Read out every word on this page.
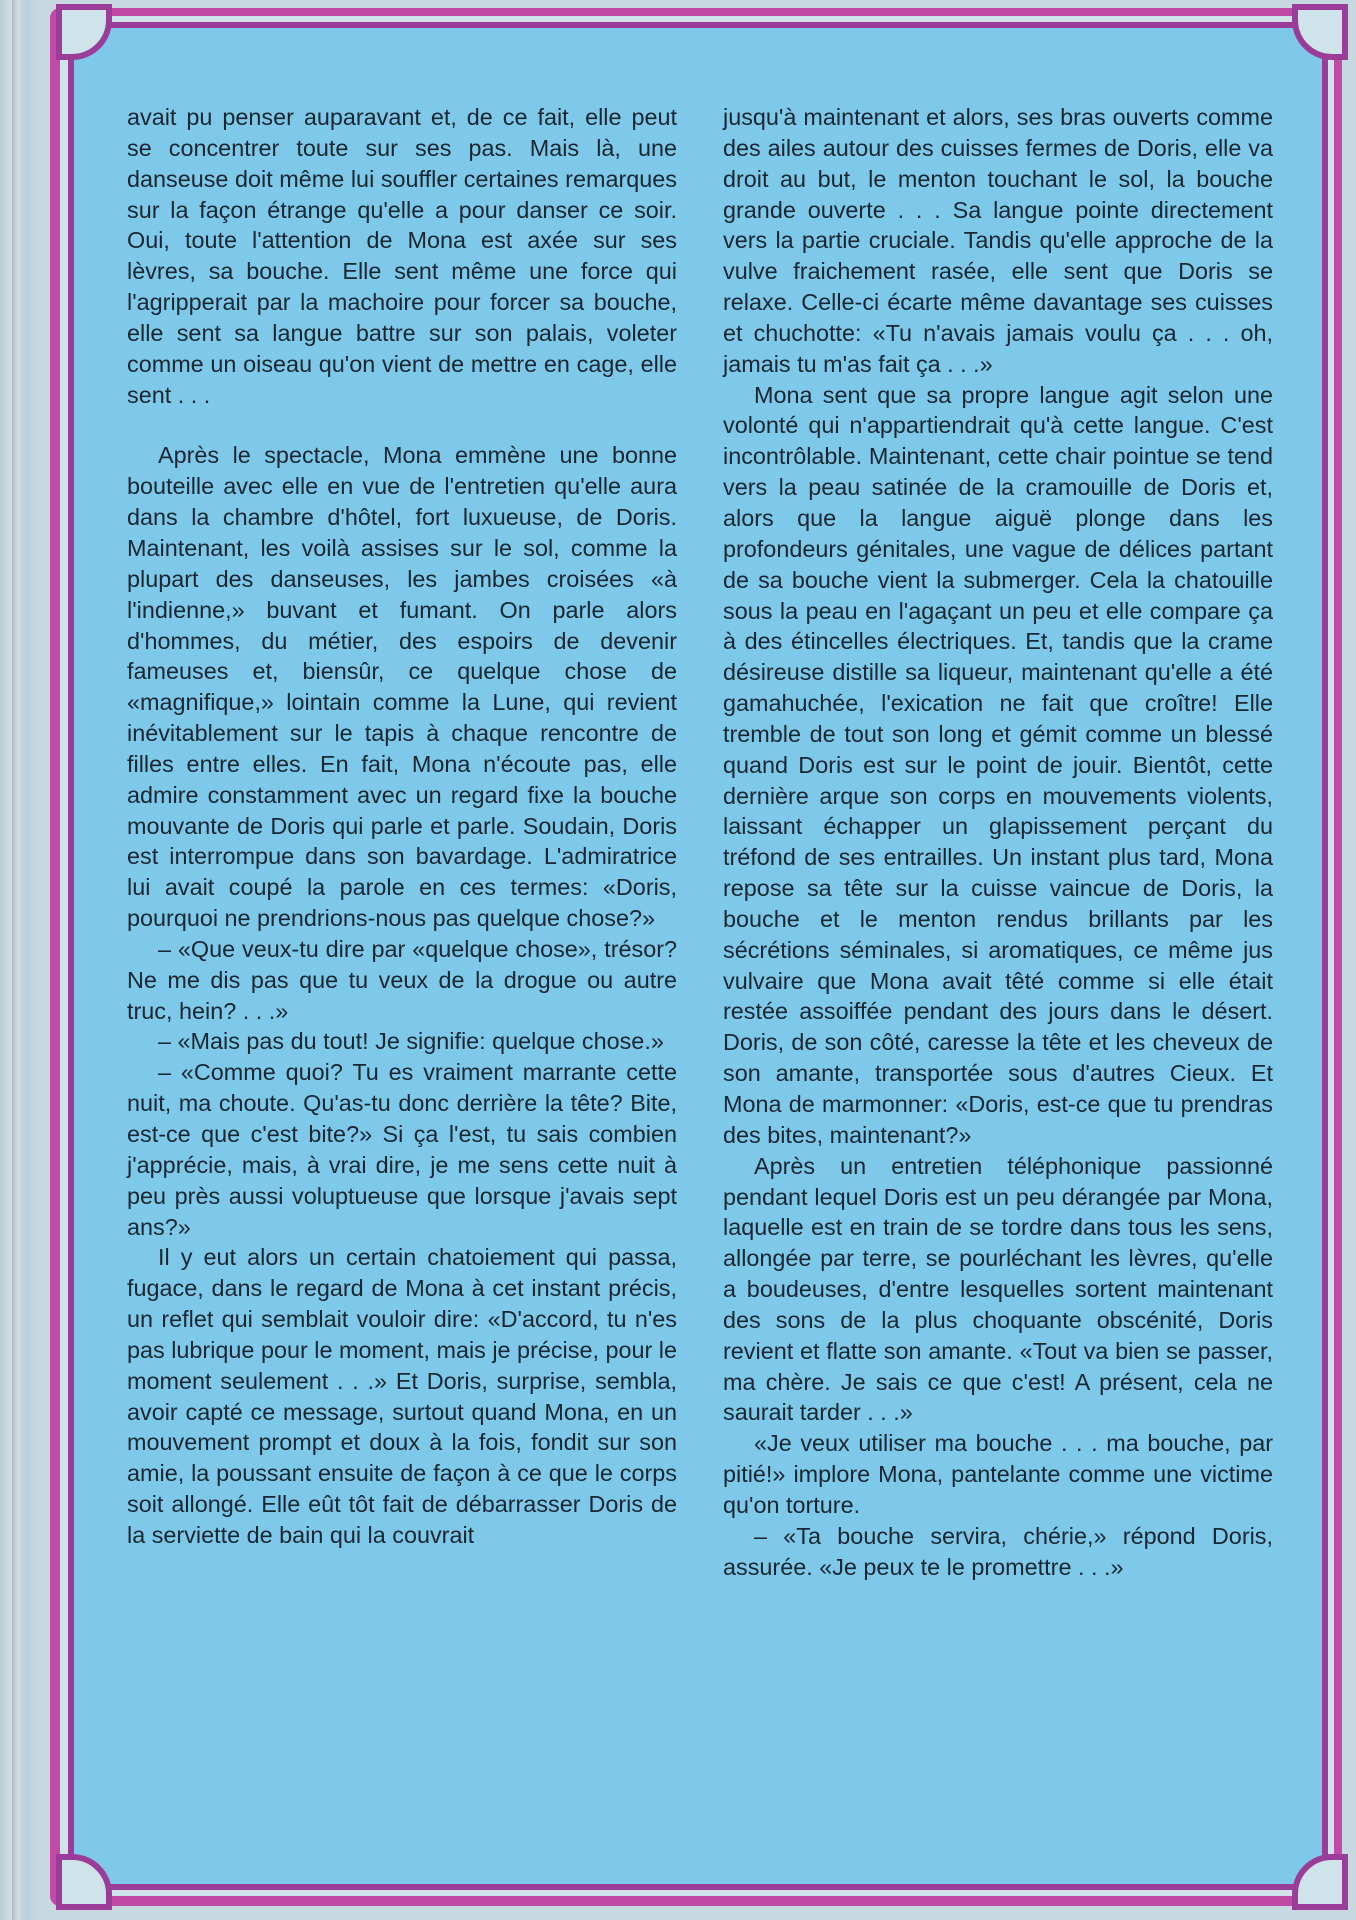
avait pu penser auparavant et, de ce fait, elle peut se concentrer toute sur ses pas. Mais là, une danseuse doit même lui souffler certaines remarques sur la façon étrange qu'elle a pour danser ce soir. Oui, toute l'attention de Mona est axée sur ses lèvres, sa bouche. Elle sent même une force qui l'agripperait par la machoire pour forcer sa bouche, elle sent sa langue battre sur son palais, voleter comme un oiseau qu'on vient de mettre en cage, elle sent . . .

Après le spectacle, Mona emmène une bonne bouteille avec elle en vue de l'entretien qu'elle aura dans la chambre d'hôtel, fort luxueuse, de Doris. Maintenant, les voilà assises sur le sol, comme la plupart des danseuses, les jambes croisées «à l'indienne,» buvant et fumant. On parle alors d'hommes, du métier, des espoirs de devenir fameuses et, biensûr, ce quelque chose de «magnifique,» lointain comme la Lune, qui revient inévitablement sur le tapis à chaque rencontre de filles entre elles. En fait, Mona n'écoute pas, elle admire constamment avec un regard fixe la bouche mouvante de Doris qui parle et parle. Soudain, Doris est interrompue dans son bavardage. L'admiratrice lui avait coupé la parole en ces termes: «Doris, pourquoi ne prendrions-nous pas quelque chose?»

– «Que veux-tu dire par «quelque chose», trésor? Ne me dis pas que tu veux de la drogue ou autre truc, hein? . . .»

– «Mais pas du tout! Je signifie: quelque chose.»

– «Comme quoi? Tu es vraiment marrante cette nuit, ma choute. Qu'as-tu donc derrière la tête? Bite, est-ce que c'est bite?» Si ça l'est, tu sais combien j'apprécie, mais, à vrai dire, je me sens cette nuit à peu près aussi voluptueuse que lorsque j'avais sept ans?»

Il y eut alors un certain chatoiement qui passa, fugace, dans le regard de Mona à cet instant précis, un reflet qui semblait vouloir dire: «D'accord, tu n'es pas lubrique pour le moment, mais je précise, pour le moment seulement . . .» Et Doris, surprise, sembla, avoir capté ce message, surtout quand Mona, en un mouvement prompt et doux à la fois, fondit sur son amie, la poussant ensuite de façon à ce que le corps soit allongé. Elle eût tôt fait de débarrasser Doris de la serviette de bain qui la couvrait

jusqu'à maintenant et alors, ses bras ouverts comme des ailes autour des cuisses fermes de Doris, elle va droit au but, le menton touchant le sol, la bouche grande ouverte . . . Sa langue pointe directement vers la partie cruciale. Tandis qu'elle approche de la vulve fraichement rasée, elle sent que Doris se relaxe. Celle-ci écarte même davantage ses cuisses et chuchotte: «Tu n'avais jamais voulu ça . . . oh, jamais tu m'as fait ça . . .»

Mona sent que sa propre langue agit selon une volonté qui n'appartiendrait qu'à cette langue. C'est incontrôlable. Maintenant, cette chair pointue se tend vers la peau satinée de la cramouille de Doris et, alors que la langue aiguë plonge dans les profondeurs génitales, une vague de délices partant de sa bouche vient la submerger. Cela la chatouille sous la peau en l'agaçant un peu et elle compare ça à des étincelles électriques. Et, tandis que la crame désireuse distille sa liqueur, maintenant qu'elle a été gamahuchée, l'exication ne fait que croître! Elle tremble de tout son long et gémit comme un blessé quand Doris est sur le point de jouir. Bientôt, cette dernière arque son corps en mouvements violents, laissant échapper un glapissement perçant du tréfond de ses entrailles. Un instant plus tard, Mona repose sa tête sur la cuisse vaincue de Doris, la bouche et le menton rendus brillants par les sécrétions séminales, si aromatiques, ce même jus vulvaire que Mona avait têté comme si elle était restée assoiffée pendant des jours dans le désert. Doris, de son côté, caresse la tête et les cheveux de son amante, transportée sous d'autres Cieux. Et Mona de marmonner: «Doris, est-ce que tu prendras des bites, maintenant?»

Après un entretien téléphonique passionné pendant lequel Doris est un peu dérangée par Mona, laquelle est en train de se tordre dans tous les sens, allongée par terre, se pourléchant les lèvres, qu'elle a boudeuses, d'entre lesquelles sortent maintenant des sons de la plus choquante obscénité, Doris revient et flatte son amante. «Tout va bien se passer, ma chère. Je sais ce que c'est! A présent, cela ne saurait tarder . . .»

«Je veux utiliser ma bouche . . . ma bouche, par pitié!» implore Mona, pantelante comme une victime qu'on torture.

– «Ta bouche servira, chérie,» répond Doris, assurée. «Je peux te le promettre . . .»
